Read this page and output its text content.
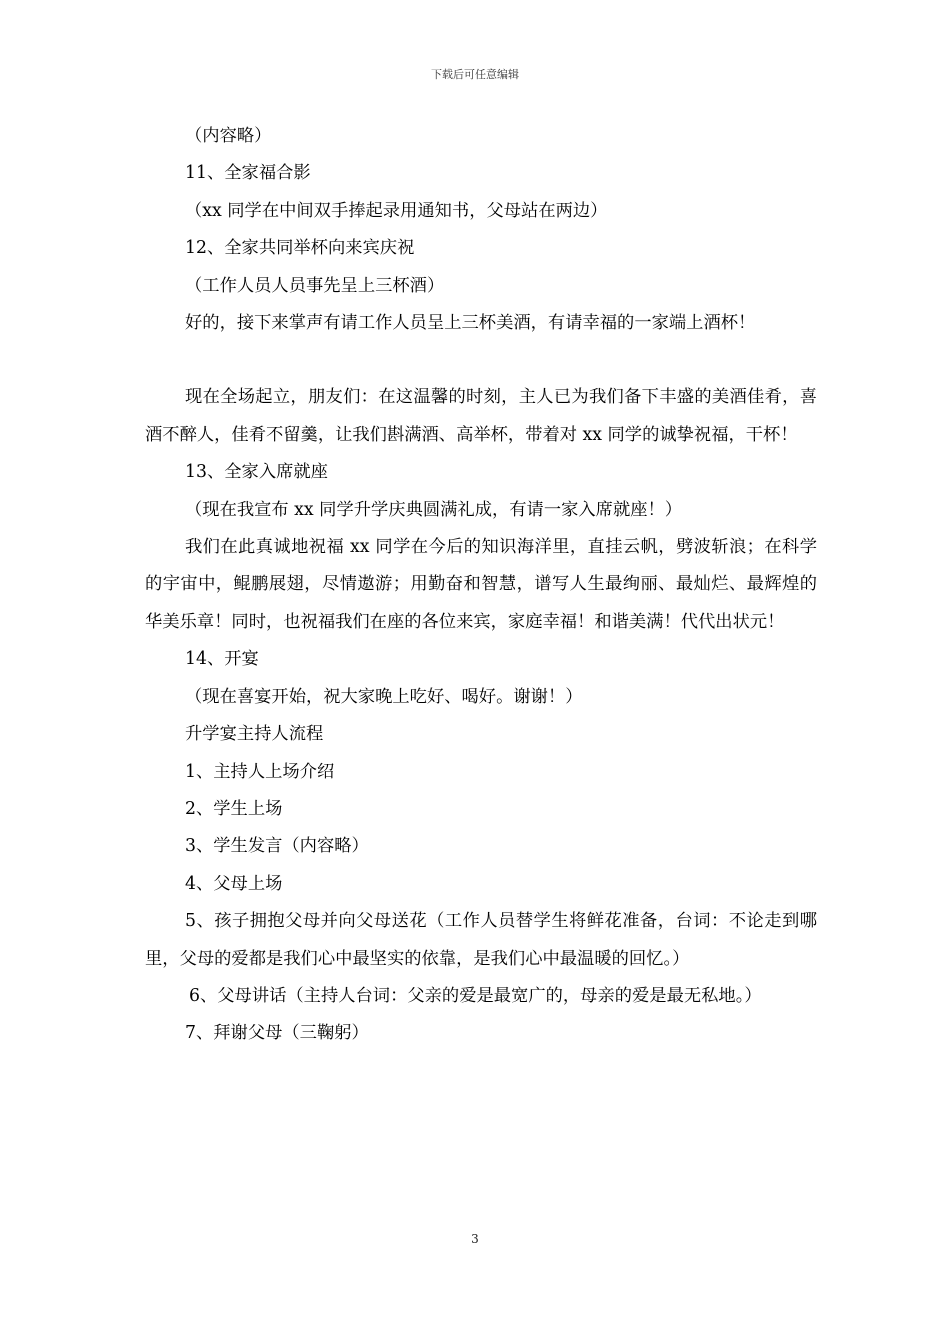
下载后可任意编辑

（内容略）

11、全家福合影

（xx 同学在中间双手捧起录用通知书，父母站在两边）

12、全家共同举杯向来宾庆祝

（工作人员人员事先呈上三杯酒）

好的，接下来掌声有请工作人员呈上三杯美酒，有请幸福的一家端上酒杯！

现在全场起立，朋友们：在这温馨的时刻，主人已为我们备下丰盛的美酒佳肴，喜酒不醉人，佳肴不留羹，让我们斟满酒、高举杯，带着对 xx 同学的诚挚祝福，干杯！

13、全家入席就座

（现在我宣布 xx 同学升学庆典圆满礼成，有请一家入席就座！）

我们在此真诚地祝福 xx 同学在今后的知识海洋里，直挂云帆，劈波斩浪；在科学的宇宙中，鲲鹏展翅，尽情遨游；用勤奋和智慧，谱写人生最绚丽、最灿烂、最辉煌的华美乐章！同时，也祝福我们在座的各位来宾，家庭幸福！和谐美满！代代出状元！

14、开宴

（现在喜宴开始，祝大家晚上吃好、喝好。谢谢！）

升学宴主持人流程

1、主持人上场介绍

2、学生上场

3、学生发言（内容略）

4、父母上场

5、孩子拥抱父母并向父母送花（工作人员替学生将鲜花准备，台词：不论走到哪里，父母的爱都是我们心中最坚实的依靠，是我们心中最温暖的回忆。）

6、父母讲话（主持人台词：父亲的爱是最宽广的，母亲的爱是最无私地。）

7、拜谢父母（三鞠躬）

3
